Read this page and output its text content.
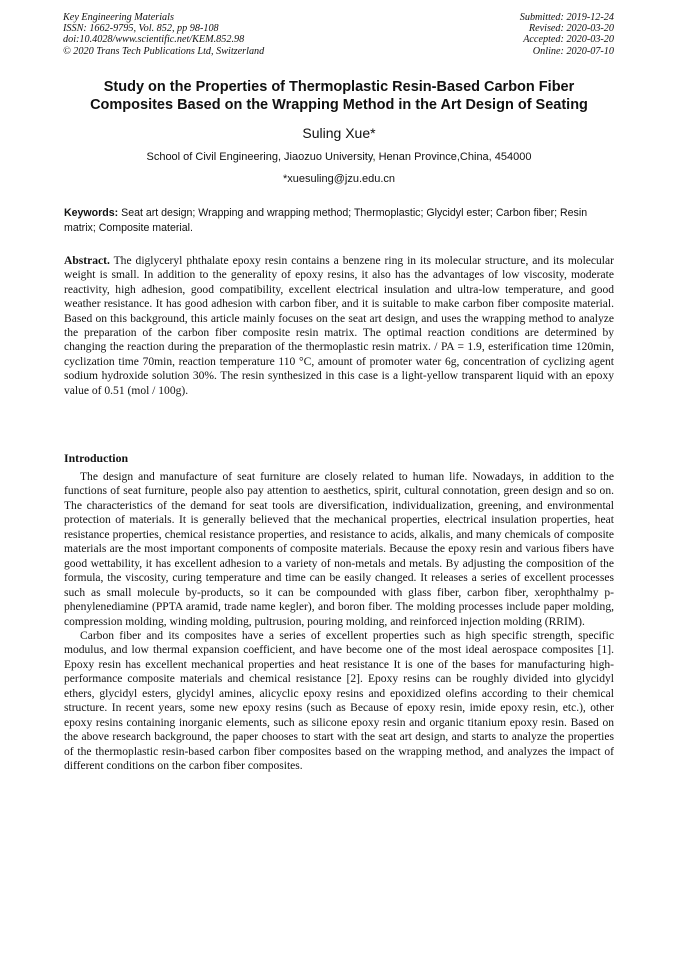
Key Engineering Materials
ISSN: 1662-9795, Vol. 852, pp 98-108
doi:10.4028/www.scientific.net/KEM.852.98
© 2020 Trans Tech Publications Ltd, Switzerland
Submitted: 2019-12-24
Revised: 2020-03-20
Accepted: 2020-03-20
Online: 2020-07-10
Study on the Properties of Thermoplastic Resin-Based Carbon Fiber
Composites Based on the Wrapping Method in the Art Design of Seating
Suling Xue*
School of Civil Engineering, Jiaozuo University, Henan Province,China, 454000
*xuesuling@jzu.edu.cn
Keywords: Seat art design; Wrapping and wrapping method; Thermoplastic; Glycidyl ester; Carbon fiber; Resin matrix; Composite material.
Abstract. The diglyceryl phthalate epoxy resin contains a benzene ring in its molecular structure, and its molecular weight is small. In addition to the generality of epoxy resins, it also has the advantages of low viscosity, moderate reactivity, high adhesion, good compatibility, excellent electrical insulation and ultra-low temperature, and good weather resistance. It has good adhesion with carbon fiber, and it is suitable to make carbon fiber composite material. Based on this background, this article mainly focuses on the seat art design, and uses the wrapping method to analyze the preparation of the carbon fiber composite resin matrix. The optimal reaction conditions are determined by changing the reaction during the preparation of the thermoplastic resin matrix. / PA = 1.9, esterification time 120min, cyclization time 70min, reaction temperature 110 °C, amount of promoter water 6g, concentration of cyclizing agent sodium hydroxide solution 30%. The resin synthesized in this case is a light-yellow transparent liquid with an epoxy value of 0.51 (mol / 100g).
Introduction

The design and manufacture of seat furniture are closely related to human life. Nowadays, in addition to the functions of seat furniture, people also pay attention to aesthetics, spirit, cultural connotation, green design and so on. The characteristics of the demand for seat tools are diversification, individualization, greening, and environmental protection of materials. It is generally believed that the mechanical properties, electrical insulation properties, heat resistance properties, chemical resistance properties, and resistance to acids, alkalis, and many chemicals of composite materials are the most important components of composite materials. Because the epoxy resin and various fibers have good wettability, it has excellent adhesion to a variety of non-metals and metals. By adjusting the composition of the formula, the viscosity, curing temperature and time can be easily changed. It releases a series of excellent processes such as small molecule by-products, so it can be compounded with glass fiber, carbon fiber, xerophthalmy p-phenylenediamine (PPTA aramid, trade name kegler), and boron fiber. The molding processes include paper molding, compression molding, winding molding, pultrusion, pouring molding, and reinforced injection molding (RRIM).

Carbon fiber and its composites have a series of excellent properties such as high specific strength, specific modulus, and low thermal expansion coefficient, and have become one of the most ideal aerospace composites [1]. Epoxy resin has excellent mechanical properties and heat resistance It is one of the bases for manufacturing high-performance composite materials and chemical resistance [2]. Epoxy resins can be roughly divided into glycidyl ethers, glycidyl esters, glycidyl amines, alicyclic epoxy resins and epoxidized olefins according to their chemical structure. In recent years, some new epoxy resins (such as Because of epoxy resin, imide epoxy resin, etc.), other epoxy resins containing inorganic elements, such as silicone epoxy resin and organic titanium epoxy resin. Based on the above research background, the paper chooses to start with the seat art design, and starts to analyze the properties of the thermoplastic resin-based carbon fiber composites based on the wrapping method, and analyzes the impact of different conditions on the carbon fiber composites.
